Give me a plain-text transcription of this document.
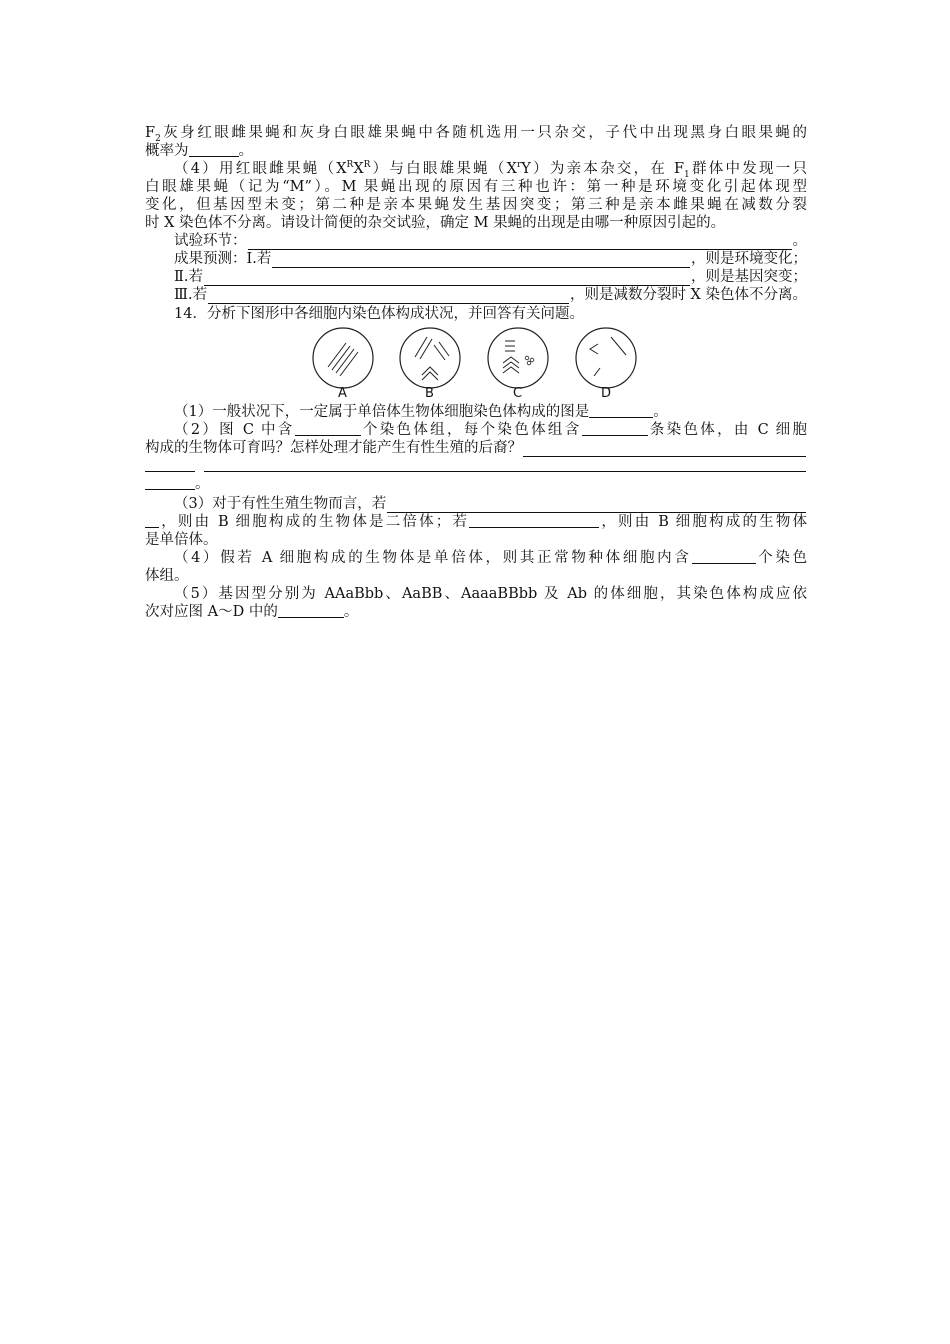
$F_2$灰身红眼雌果蝇和灰身白眼雄果蝇中各随机选用一只杂交，子代中出现黑身白眼果蝇的
概率为	。
（4）用红眼雌果蝇$(X^RX^R)$与白眼雄果蝇$(X^rY)$为亲本杂交，在 $F_1$群体中发现一只
白眼雄果蝇（记为“M”）。M 果蝇出现的原因有三种也许：第一种是环境变化引起体现型
变化，但基因型未变；第二种是亲本果蝇发生基因突变；第三种是亲本雌果蝇在减数分裂
时 X 染色体不分离。请设计简便的杂交试验，确定 M 果蝇的出现是由哪一种原因引起的。
试验环节：	。
成果预测：Ⅰ.若	，则是环境变化；
Ⅱ.若	，则是基因突变；
Ⅲ.若	，则是减数分裂时 X 染色体不分离。
14．分析下图形中各细胞内染色体构成状况，并回答有关问题。
A	B	C	D
（1）一般状况下，一定属于单倍体生物体细胞染色体构成的图是	。
（2）图 C 中含	个染色体组，每个染色体组含	条染色体，由 C 细胞
构成的生物体可育吗？怎样处理才能产生有性生殖的后裔？
。
（3）对于有性生殖生物而言，若
，则由 B 细胞构成的生物体是二倍体；若	，则由 B 细胞构成的生物体
是单倍体。
（4）假若 A 细胞构成的生物体是单倍体，则其正常物种体细胞内含	个染色
体组。
（5）基因型分别为 AAaBbb、AaBB、AaaaBBbb 及 Ab 的体细胞，其染色体构成应依
次对应图 A～D 中的	。
